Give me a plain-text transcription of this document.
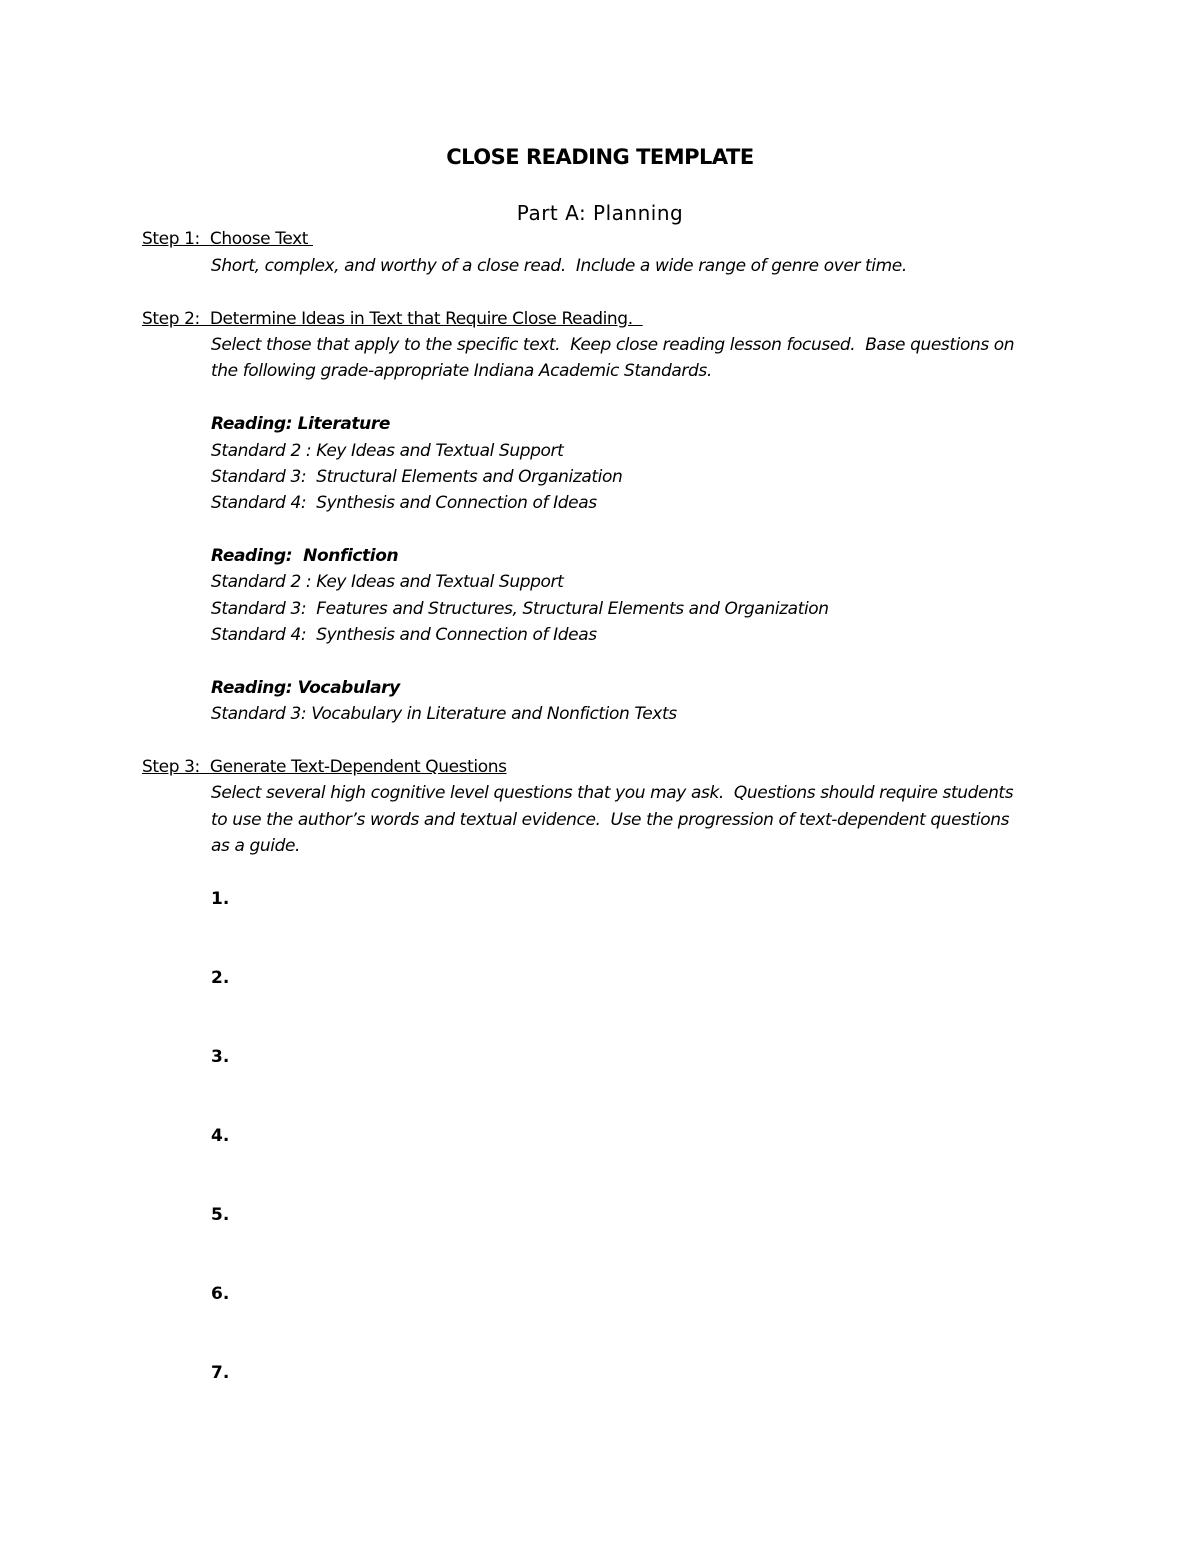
CLOSE READING TEMPLATE
Part A: Planning
Step 1:  Choose Text
Short, complex, and worthy of a close read.  Include a wide range of genre over time.
Step 2:  Determine Ideas in Text that Require Close Reading.
Select those that apply to the specific text.  Keep close reading lesson focused.  Base questions on
the following grade-appropriate Indiana Academic Standards.
Reading: Literature
Standard 2 : Key Ideas and Textual Support
Standard 3:  Structural Elements and Organization
Standard 4:  Synthesis and Connection of Ideas
Reading:  Nonfiction
Standard 2 : Key Ideas and Textual Support
Standard 3:  Features and Structures, Structural Elements and Organization
Standard 4:  Synthesis and Connection of Ideas
Reading: Vocabulary
Standard 3: Vocabulary in Literature and Nonfiction Texts
Step 3:  Generate Text-Dependent Questions
Select several high cognitive level questions that you may ask.  Questions should require students
to use the author’s words and textual evidence.  Use the progression of text-dependent questions
as a guide.
1.
2.
3.
4.
5.
6.
7.
